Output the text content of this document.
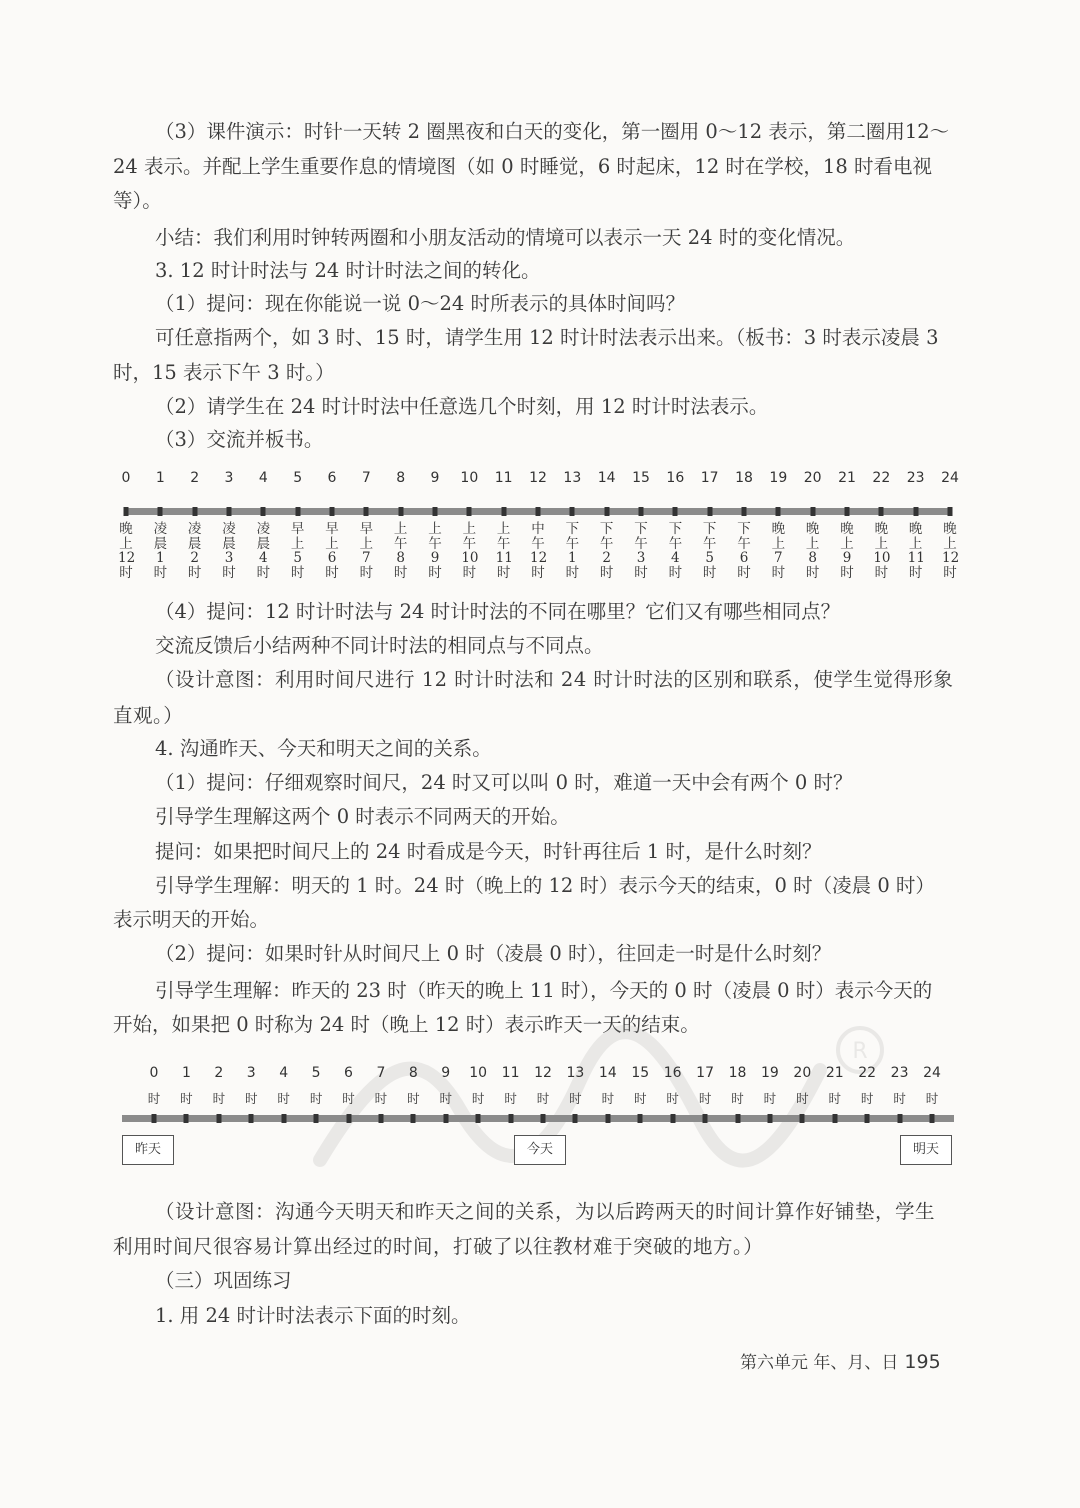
（3）课件演示：时针一天转 2 圈黑夜和白天的变化，第一圈用 0～12 表示，第二圈用12～
24 表示。并配上学生重要作息的情境图（如 0 时睡觉，6 时起床，12 时在学校，18 时看电视
等）。
小结：我们利用时钟转两圈和小朋友活动的情境可以表示一天 24 时的变化情况。
3. 12 时计时法与 24 时计时法之间的转化。
（1）提问：现在你能说一说 0～24 时所表示的具体时间吗？
可任意指两个，如 3 时、15 时，请学生用 12 时计时法表示出来。（板书：3 时表示凌晨 3
时，15 表示下午 3 时。）
（2）请学生在 24 时计时法中任意选几个时刻，用 12 时计时法表示。
（3）交流并板书。
0
晚
上
12
时
1
凌
晨
1
时
2
凌
晨
2
时
3
凌
晨
3
时
4
凌
晨
4
时
5
早
上
5
时
6
早
上
6
时
7
早
上
7
时
8
上
午
8
时
9
上
午
9
时
10
上
午
10
时
11
上
午
11
时
12
中
午
12
时
13
下
午
1
时
14
下
午
2
时
15
下
午
3
时
16
下
午
4
时
17
下
午
5
时
18
下
午
6
时
19
晚
上
7
时
20
晚
上
8
时
21
晚
上
9
时
22
晚
上
10
时
23
晚
上
11
时
24
晚
上
12
时
（4）提问：12 时计时法与 24 时计时法的不同在哪里？它们又有哪些相同点？
交流反馈后小结两种不同计时法的相同点与不同点。
（设计意图：利用时间尺进行 12 时计时法和 24 时计时法的区别和联系，使学生觉得形象
直观。）
4. 沟通昨天、今天和明天之间的关系。
（1）提问：仔细观察时间尺，24 时又可以叫 0 时，难道一天中会有两个 0 时？
引导学生理解这两个 0 时表示不同两天的开始。
提问：如果把时间尺上的 24 时看成是今天，时针再往后 1 时，是什么时刻？
引导学生理解：明天的 1 时。24 时（晚上的 12 时）表示今天的结束，0 时（凌晨 0 时）
表示明天的开始。
（2）提问：如果时针从时间尺上 0 时（凌晨 0 时），往回走一时是什么时刻？
引导学生理解：昨天的 23 时（昨天的晚上 11 时），今天的 0 时（凌晨 0 时）表示今天的
开始，如果把 0 时称为 24 时（晚上 12 时）表示昨天一天的结束。
R
0
时
1
时
2
时
3
时
4
时
5
时
6
时
7
时
8
时
9
时
10
时
11
时
12
时
13
时
14
时
15
时
16
时
17
时
18
时
19
时
20
时
21
时
22
时
23
时
24
时
昨天	今天	明天
（设计意图：沟通今天明天和昨天之间的关系，为以后跨两天的时间计算作好铺垫，学生
利用时间尺很容易计算出经过的时间，打破了以往教材难于突破的地方。）
（三）巩固练习
1. 用 24 时计时法表示下面的时刻。
第六单元 年、月、日 195
